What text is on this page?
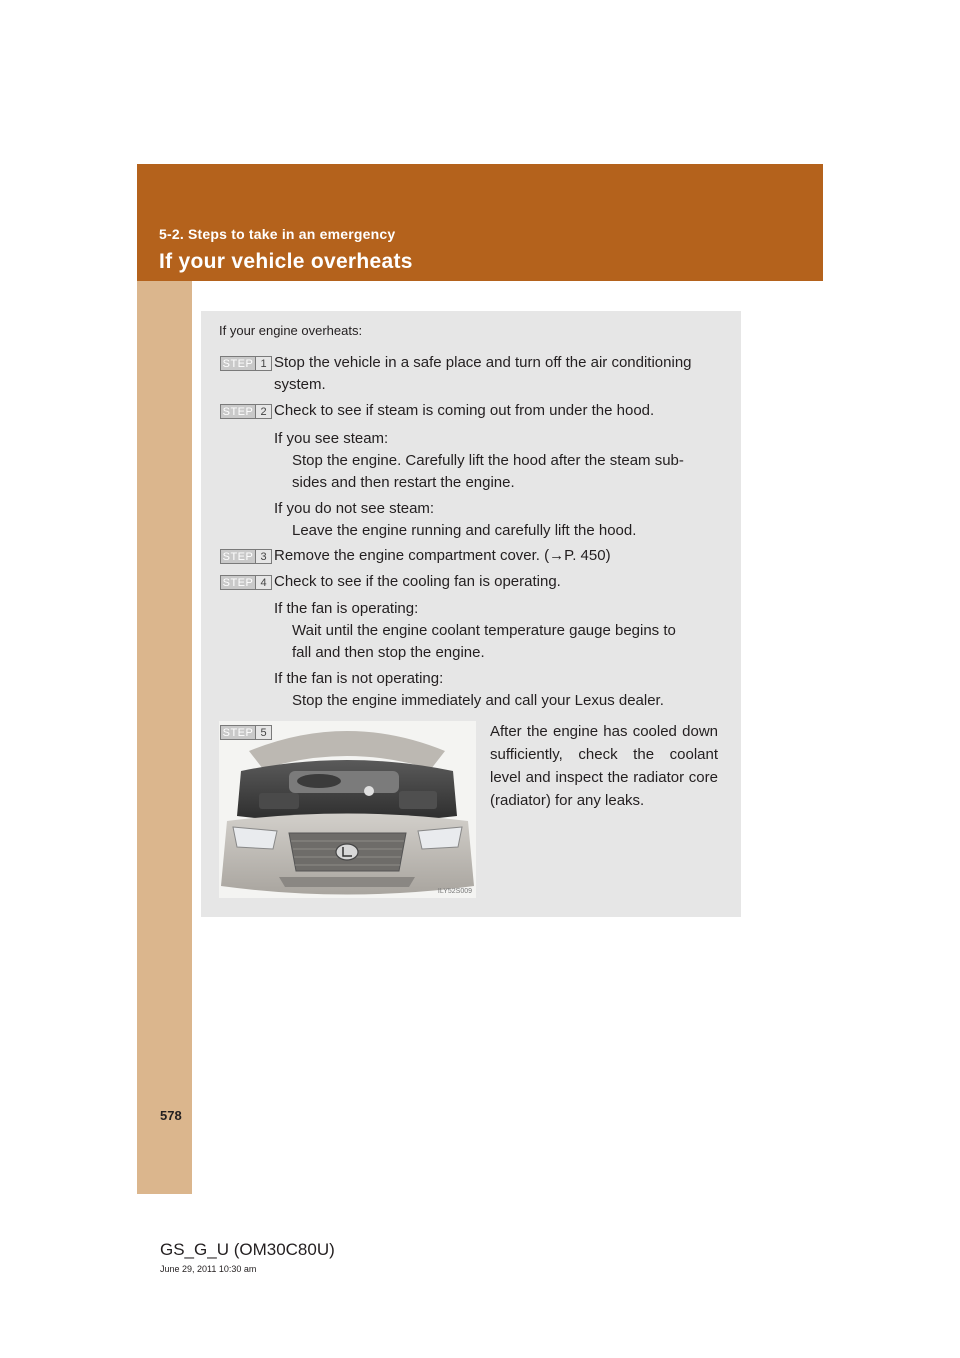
5-2. Steps to take in an emergency
If your vehicle overheats
578
If your engine overheats:
STEP 1 Stop the vehicle in a safe place and turn off the air conditioning
system.
STEP 2 Check to see if steam is coming out from under the hood.
If you see steam:
Stop the engine. Carefully lift the hood after the steam sub-
sides and then restart the engine.
If you do not see steam:
Leave the engine running and carefully lift the hood.
STEP 3 Remove the engine compartment cover. (→P. 450)
STEP 4 Check to see if the cooling fan is operating.
If the fan is operating:
Wait until the engine coolant temperature gauge begins to
fall and then stop the engine.
If the fan is not operating:
Stop the engine immediately and call your Lexus dealer.
ILY52S009
STEP 5	After the engine has cooled down sufficiently, check the coolant level and inspect the radiator core (radiator) for any leaks.
GS_G_U (OM30C80U)
June 29, 2011 10:30 am
